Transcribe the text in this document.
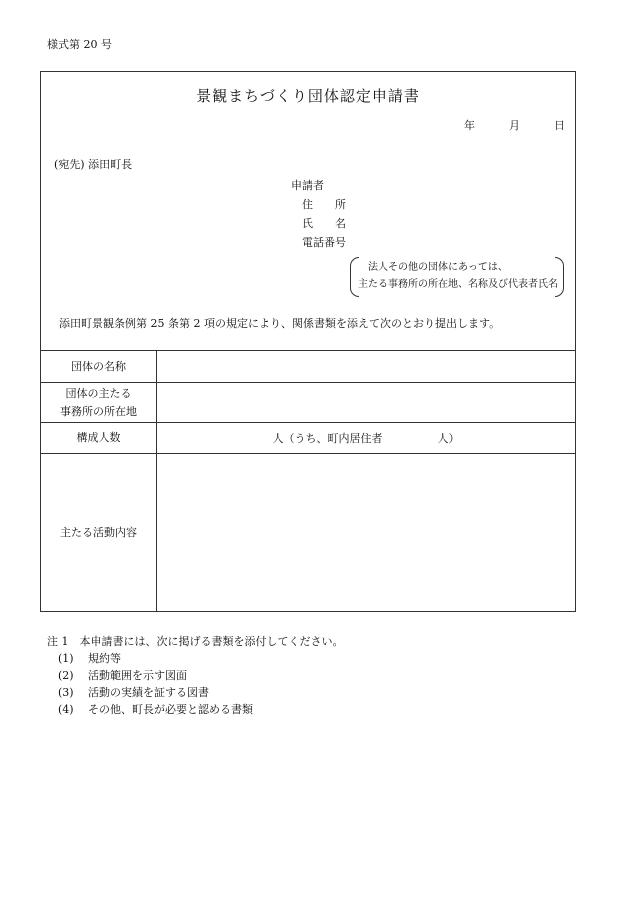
様式第 20 号
景観まちづくり団体認定申請書
年	月	日
(宛先) 添田町長
申請者
住　　所
氏　　名
電話番号
法人その他の団体にあっては、
主たる事務所の所在地、名称及び代表者氏名
添田町景観条例第 25 条第 2 項の規定により、関係書類を添えて次のとおり提出します。
団体の名称	

団体の主たる
事務所の所在地	

構成人数	人（うち、町内居住者　　　　　人）
主たる活動内容	
注 1　本申請書には、次に掲げる書類を添付してください。
(1) 規約等
(2) 活動範囲を示す図面
(3) 活動の実績を証する図書
(4) その他、町長が必要と認める書類
